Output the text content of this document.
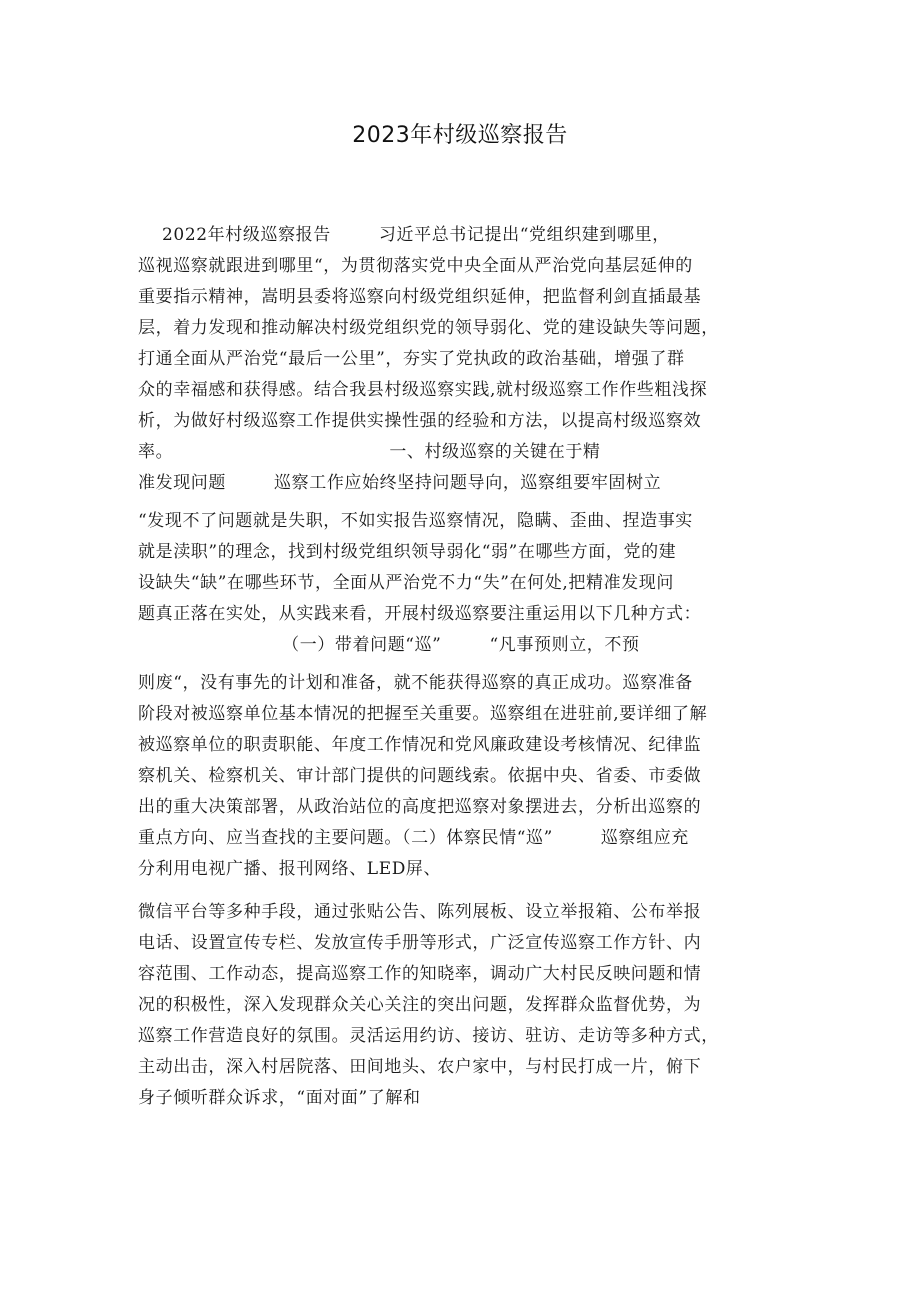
2023年村级巡察报告
2022年村级巡察报告        习近平总书记提出“党组织建到哪里，
巡视巡察就跟进到哪里“，为贯彻落实党中央全面从严治党向基层延伸的
重要指示精神，嵩明县委将巡察向村级党组织延伸，把监督利剑直插最基
层，着力发现和推动解决村级党组织党的领导弱化、党的建设缺失等问题，
打通全面从严治党“最后一公里”，夯实了党执政的政治基础，增强了群
众的幸福感和获得感。结合我县村级巡察实践,就村级巡察工作作些粗浅探
析，为做好村级巡察工作提供实操性强的经验和方法，以提高村级巡察效
率。                                    一、村级巡察的关键在于精
准发现问题        巡察工作应始终坚持问题导向，巡察组要牢固树立
“发现不了问题就是失职，不如实报告巡察情况，隐瞒、歪曲、捏造事实
就是渎职”的理念，找到村级党组织领导弱化“弱”在哪些方面，党的建
设缺失“缺”在哪些环节，全面从严治党不力“失”在何处,把精准发现问
题真正落在实处，从实践来看，开展村级巡察要注重运用以下几种方式：
（一）带着问题“巡”        “凡事预则立，不预
则废“，没有事先的计划和准备，就不能获得巡察的真正成功。巡察准备
阶段对被巡察单位基本情况的把握至关重要。巡察组在进驻前,要详细了解
被巡察单位的职责职能、年度工作情况和党风廉政建设考核情况、纪律监
察机关、检察机关、审计部门提供的问题线索。依据中央、省委、市委做
出的重大决策部署，从政治站位的高度把巡察对象摆进去，分析出巡察的
重点方向、应当查找的主要问题。（二）体察民情“巡”        巡察组应充
分利用电视广播、报刊网络、LED屏、
微信平台等多种手段，通过张贴公告、陈列展板、设立举报箱、公布举报
电话、设置宣传专栏、发放宣传手册等形式，广泛宣传巡察工作方针、内
容范围、工作动态，提高巡察工作的知晓率，调动广大村民反映问题和情
况的积极性，深入发现群众关心关注的突出问题，发挥群众监督优势，为
巡察工作营造良好的氛围。灵活运用约访、接访、驻访、走访等多种方式，
主动出击，深入村居院落、田间地头、农户家中，与村民打成一片，俯下
身子倾听群众诉求，“面对面”了解和
